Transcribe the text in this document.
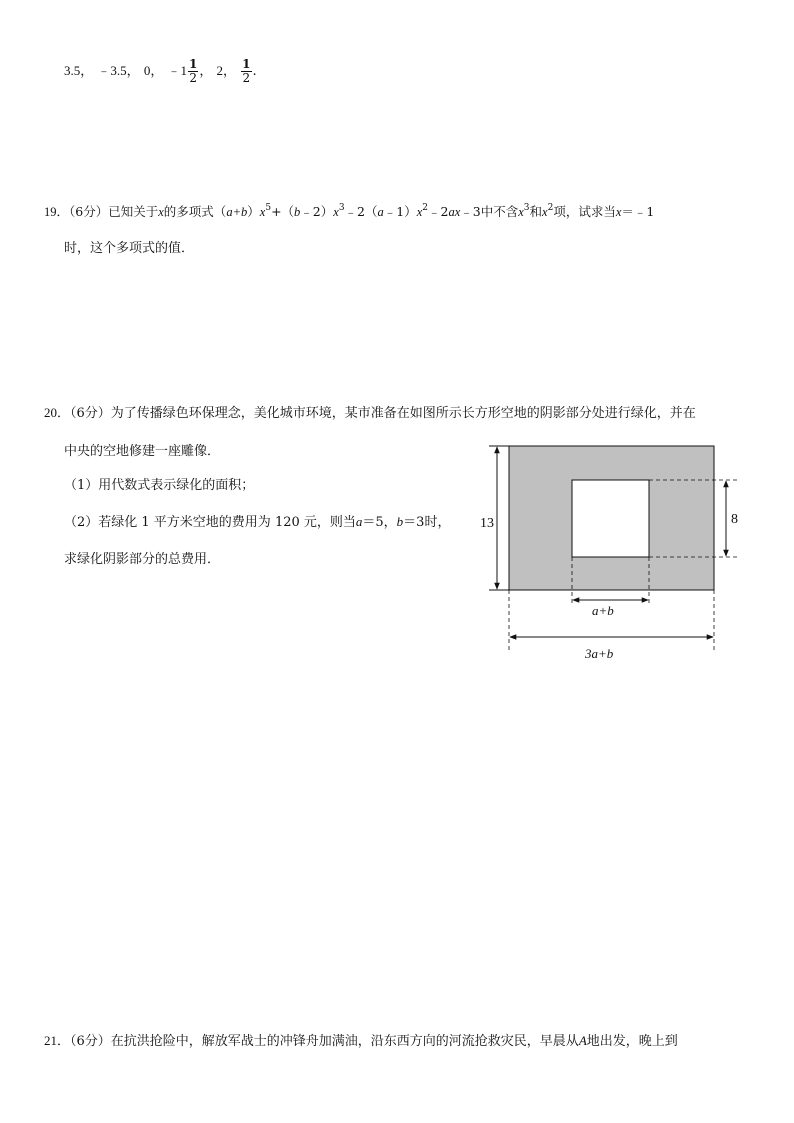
3.5， ﹣3.5， 0， ﹣1 $\frac{1}{2}$ ， 2， $\frac{1}{2}$ .
19．（6分）已知关于x的多项式$(a+b)x^5+(b﹣2)x^3﹣2(a﹣1)x^2﹣2ax﹣3$中不含$x^3$和$x^2$项，试求当x＝﹣1
时，这个多项式的值．
20．（6分）为了传播绿色环保理念，美化城市环境，某市准备在如图所示长方形空地的阴影部分处进行绿化，并在
中央的空地修建一座雕像．
（1）用代数式表示绿化的面积；
（2）若绿化 1 平方米空地的费用为 120 元，则当a＝5，b＝3时，
求绿化阴影部分的总费用．
13	8
a+b
3a+b
21．（6分）在抗洪抢险中，解放军战士的冲锋舟加满油，沿东西方向的河流抢救灾民，早晨从A地出发，晚上到
